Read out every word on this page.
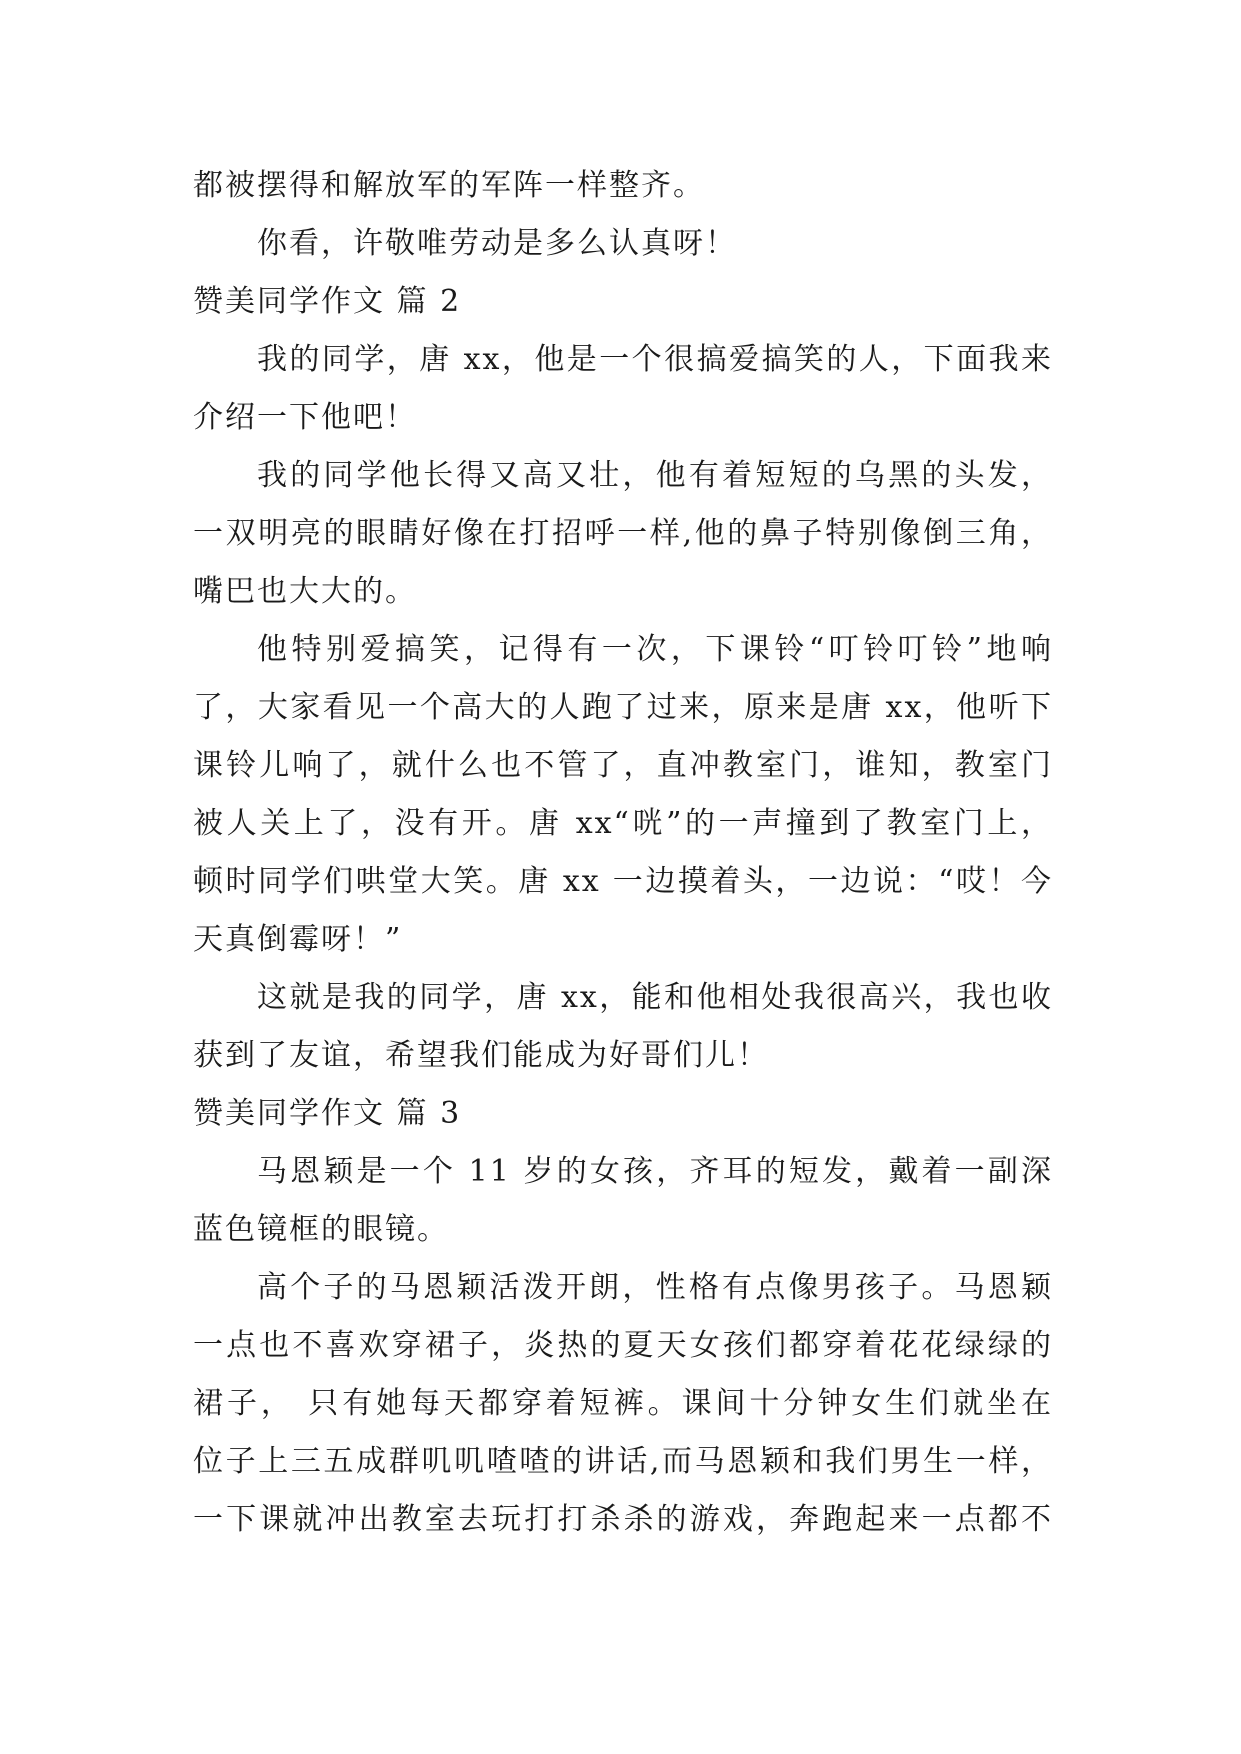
都被摆得和解放军的军阵一样整齐。
你看，许敬唯劳动是多么认真呀！
赞美同学作文 篇 2
我的同学，唐 xx，他是一个很搞爱搞笑的人，下面我来
介绍一下他吧！
我的同学他长得又高又壮，他有着短短的乌黑的头发，
一双明亮的眼睛好像在打招呼一样,他的鼻子特别像倒三角，
嘴巴也大大的。
他特别爱搞笑，记得有一次，下课铃“叮铃叮铃”地响
了，大家看见一个高大的人跑了过来，原来是唐 xx，他听下
课铃儿响了，就什么也不管了，直冲教室门，谁知，教室门
被人关上了，没有开。唐 xx“咣”的一声撞到了教室门上，
顿时同学们哄堂大笑。唐 xx 一边摸着头，一边说：“哎！今
天真倒霉呀！”
这就是我的同学，唐 xx，能和他相处我很高兴，我也收
获到了友谊，希望我们能成为好哥们儿！
赞美同学作文 篇 3
马恩颖是一个 11 岁的女孩，齐耳的短发，戴着一副深
蓝色镜框的眼镜。
高个子的马恩颖活泼开朗，性格有点像男孩子。马恩颖
一点也不喜欢穿裙子，炎热的夏天女孩们都穿着花花绿绿的
裙子， 只有她每天都穿着短裤。课间十分钟女生们就坐在
位子上三五成群叽叽喳喳的讲话,而马恩颖和我们男生一样，
一下课就冲出教室去玩打打杀杀的游戏，奔跑起来一点都不
